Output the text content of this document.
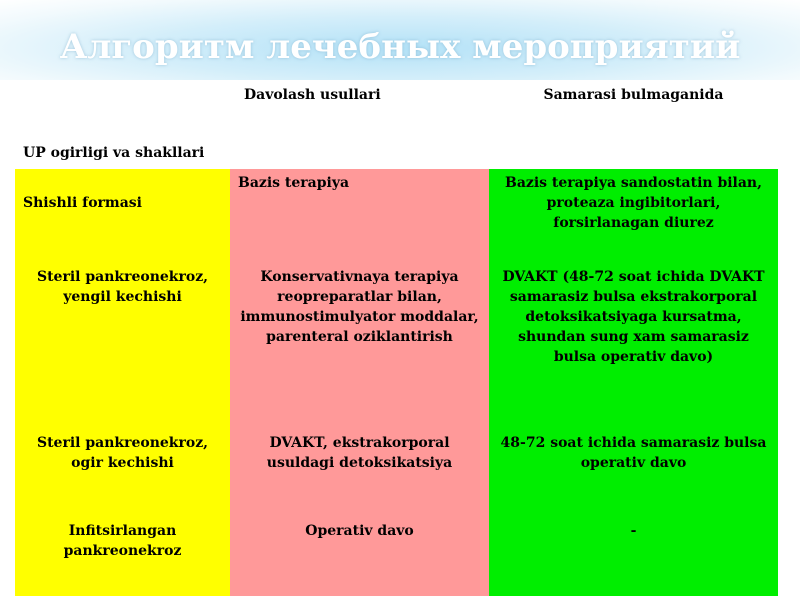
Алгоритм лечебных мероприятий
UP ogirligi va shakllari	Davolash usullari	Samarasi bulmaganida

Shishli formasi	Bazis terapiya	Bazis terapiya sandostatin bilan, proteaza ingibitorlari, forsirlanagan diurez

Steril pankreonekroz, yengil kechishi	Konservativnaya terapiya reopreparatlar bilan, immunostimulyator moddalar, parenteral oziklantirish	DVAKT (48-72 soat ichida DVAKT samarasiz bulsa ekstrakorporal detoksikatsiyaga kursatma, shundan sung xam samarasiz bulsa operativ davo)

Steril pankreonekroz, ogir kechishi	DVAKT, ekstrakorporal usuldagi detoksikatsiya	48-72 soat ichida samarasiz bulsa operativ davo
Infitsirlangan pankreonekroz	Operativ davo	-
